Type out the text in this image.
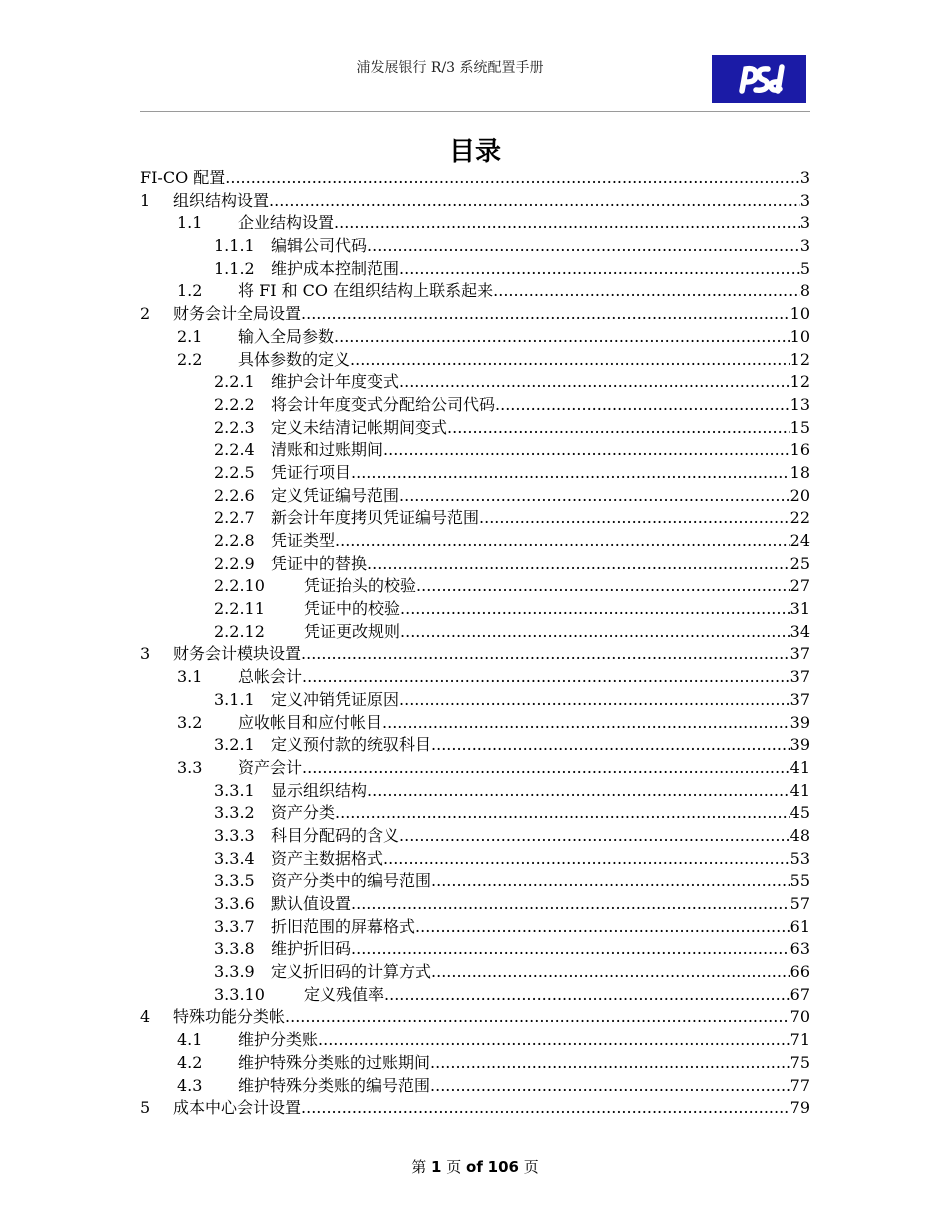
浦发展银行 R/3 系统配置手册
目录
FI-CO 配置 .....	3
1 组织结构设置 .....	3
1.1 企业结构设置 .....	3
1.1.1 编辑公司代码 .....	3
1.1.2 维护成本控制范围 .....	5
1.2 将 FI 和 CO 在组织结构上联系起来 .....	8
2 财务会计全局设置 .....	10
2.1 输入全局参数 .....	10
2.2 具体参数的定义 .....	12
2.2.1 维护会计年度变式 .....	12
2.2.2 将会计年度变式分配给公司代码 .....	13
2.2.3 定义未结清记帐期间变式 .....	15
2.2.4 清账和过账期间 .....	16
2.2.5 凭证行项目 .....	18
2.2.6 定义凭证编号范围 .....	20
2.2.7 新会计年度拷贝凭证编号范围 .....	22
2.2.8 凭证类型 .....	24
2.2.9 凭证中的替换 .....	25
2.2.10 凭证抬头的校验 .....	27
2.2.11 凭证中的校验 .....	31
2.2.12 凭证更改规则 .....	34
3 财务会计模块设置 .....	37
3.1 总帐会计 .....	37
3.1.1 定义冲销凭证原因 .....	37
3.2 应收帐目和应付帐目 .....	39
3.2.1 定义预付款的统驭科目 .....	39
3.3 资产会计 .....	41
3.3.1 显示组织结构 .....	41
3.3.2 资产分类 .....	45
3.3.3 科目分配码的含义 .....	48
3.3.4 资产主数据格式 .....	53
3.3.5 资产分类中的编号范围 .....	55
3.3.6 默认值设置 .....	57
3.3.7 折旧范围的屏幕格式 .....	61
3.3.8 维护折旧码 .....	63
3.3.9 定义折旧码的计算方式 .....	66
3.3.10 定义残值率 .....	67
4 特殊功能分类帐 .....	70
4.1 维护分类账 .....	71
4.2 维护特殊分类账的过账期间 .....	75
4.3 维护特殊分类账的编号范围 .....	77
5 成本中心会计设置 .....	79
第 1 页 of 106 页
